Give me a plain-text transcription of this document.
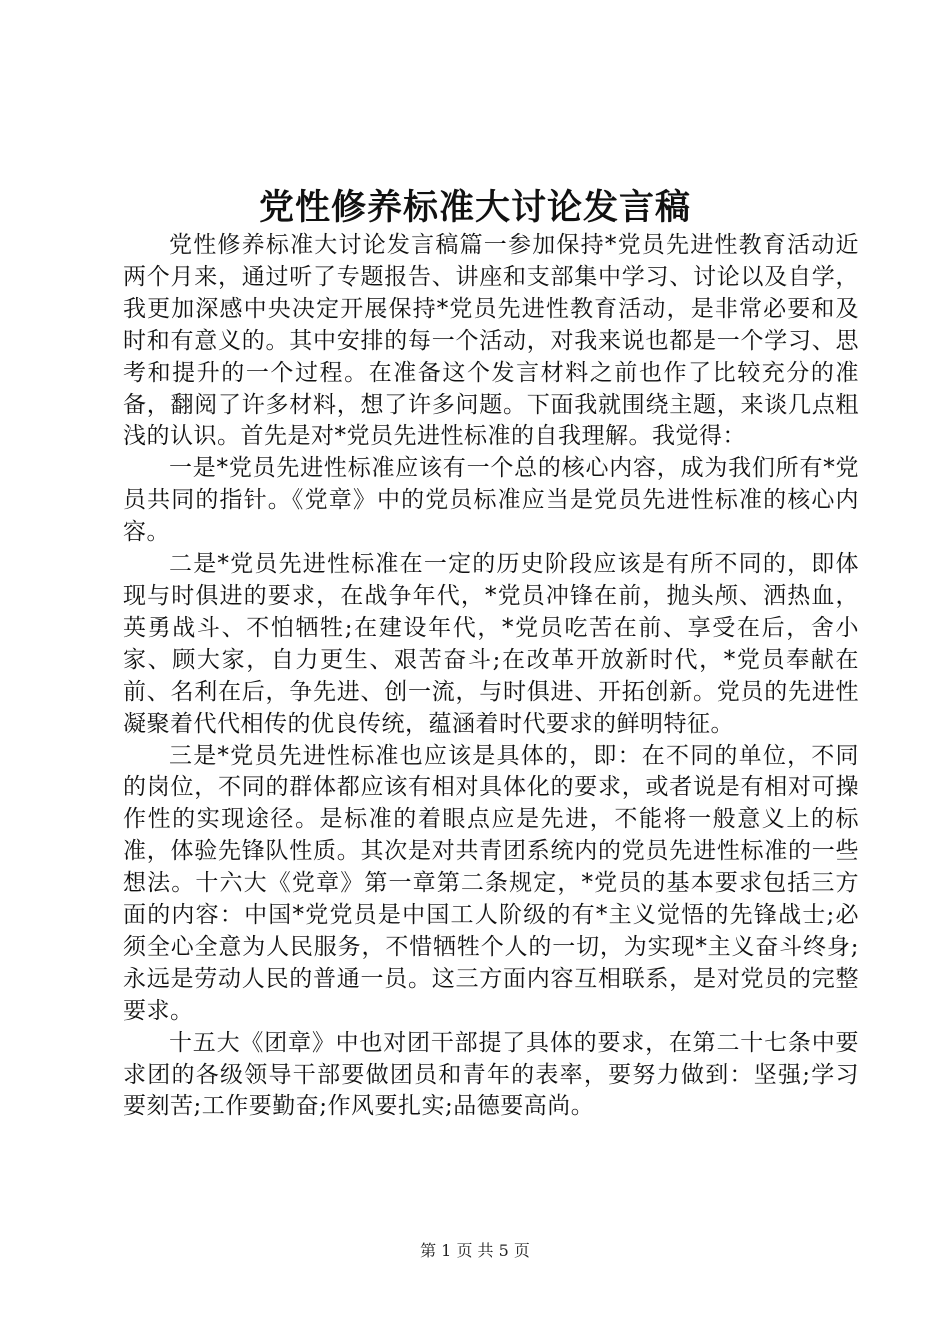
党性修养标准大讨论发言稿

党性修养标准大讨论发言稿篇一参加保持*党员先进性教育活动近两个月来，通过听了专题报告、讲座和支部集中学习、讨论以及自学，我更加深感中央决定开展保持*党员先进性教育活动，是非常必要和及时和有意义的。其中安排的每一个活动，对我来说也都是一个学习、思考和提升的一个过程。在准备这个发言材料之前也作了比较充分的准备，翻阅了许多材料，想了许多问题。下面我就围绕主题，来谈几点粗浅的认识。首先是对*党员先进性标准的自我理解。我觉得：

一是*党员先进性标准应该有一个总的核心内容，成为我们所有*党员共同的指针。《党章》中的党员标准应当是党员先进性标准的核心内容。

二是*党员先进性标准在一定的历史阶段应该是有所不同的，即体现与时俱进的要求，在战争年代，*党员冲锋在前，抛头颅、洒热血，英勇战斗、不怕牺牲;在建设年代，*党员吃苦在前、享受在后，舍小家、顾大家，自力更生、艰苦奋斗;在改革开放新时代，*党员奉献在前、名利在后，争先进、创一流，与时俱进、开拓创新。党员的先进性凝聚着代代相传的优良传统，蕴涵着时代要求的鲜明特征。

三是*党员先进性标准也应该是具体的，即：在不同的单位，不同的岗位，不同的群体都应该有相对具体化的要求，或者说是有相对可操作性的实现途径。是标准的着眼点应是先进，不能将一般意义上的标准，体验先锋队性质。其次是对共青团系统内的党员先进性标准的一些想法。十六大《党章》第一章第二条规定，*党员的基本要求包括三方面的内容：中国*党党员是中国工人阶级的有*主义觉悟的先锋战士;必须全心全意为人民服务，不惜牺牲个人的一切，为实现*主义奋斗终身;永远是劳动人民的普通一员。这三方面内容互相联系，是对党员的完整要求。

十五大《团章》中也对团干部提了具体的要求，在第二十七条中要求团的各级领导干部要做团员和青年的表率，要努力做到：坚强;学习要刻苦;工作要勤奋;作风要扎实;品德要高尚。

第 1 页 共 5 页
